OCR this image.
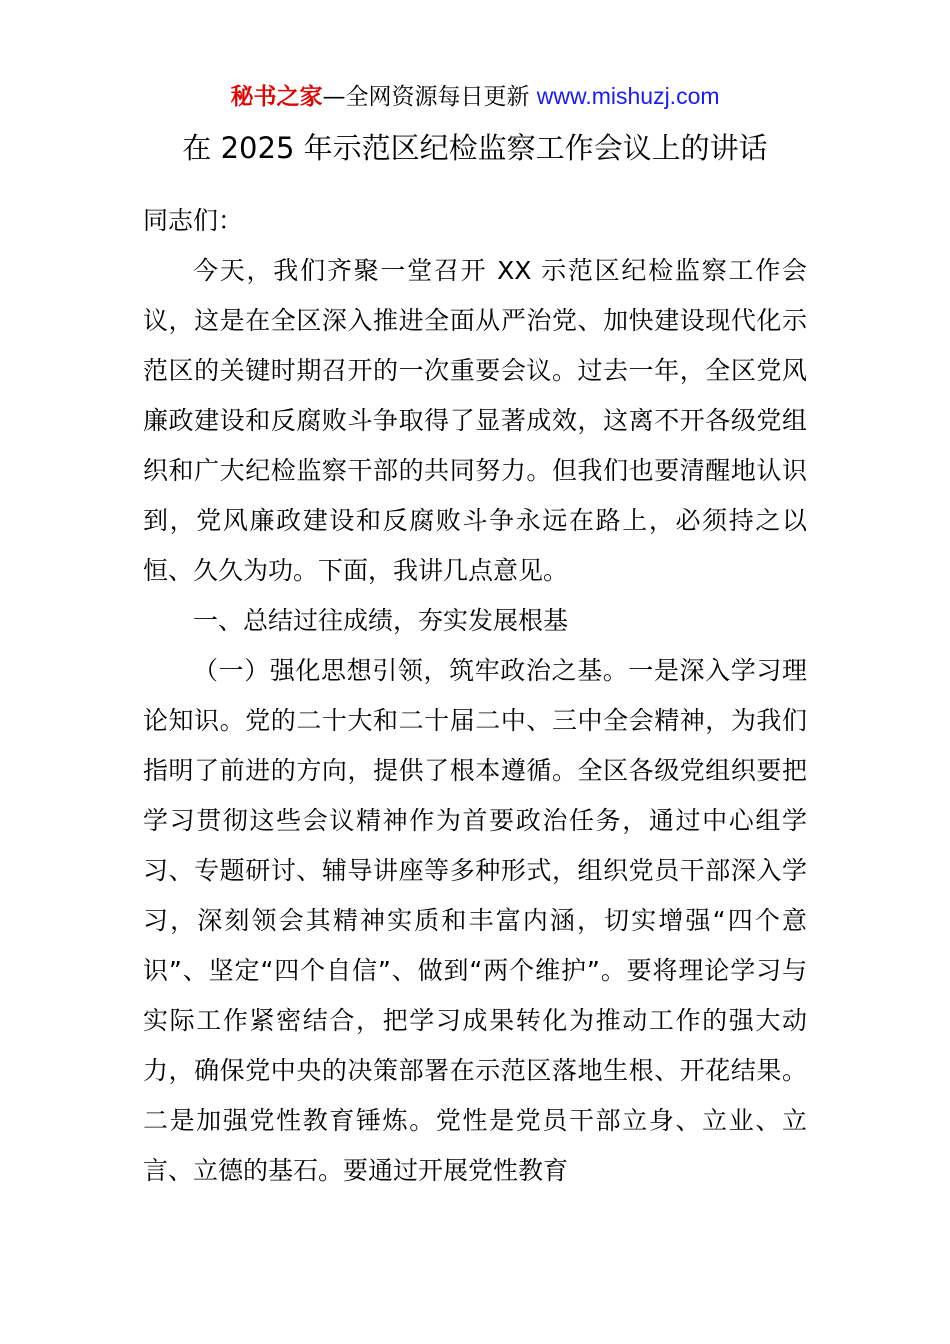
秘书之家—全网资源每日更新 www.mishuzj.com
在 2025 年示范区纪检监察工作会议上的讲话

同志们：

今天，我们齐聚一堂召开 XX 示范区纪检监察工作会议，这是在全区深入推进全面从严治党、加快建设现代化示范区的关键时期召开的一次重要会议。过去一年，全区党风廉政建设和反腐败斗争取得了显著成效，这离不开各级党组织和广大纪检监察干部的共同努力。但我们也要清醒地认识到，党风廉政建设和反腐败斗争永远在路上，必须持之以恒、久久为功。下面，我讲几点意见。

一、总结过往成绩，夯实发展根基

（一）强化思想引领，筑牢政治之基。一是深入学习理论知识。党的二十大和二十届二中、三中全会精神，为我们指明了前进的方向，提供了根本遵循。全区各级党组织要把学习贯彻这些会议精神作为首要政治任务，通过中心组学习、专题研讨、辅导讲座等多种形式，组织党员干部深入学习，深刻领会其精神实质和丰富内涵，切实增强“四个意识”、坚定“四个自信”、做到“两个维护”。要将理论学习与实际工作紧密结合，把学习成果转化为推动工作的强大动力，确保党中央的决策部署在示范区落地生根、开花结果。二是加强党性教育锤炼。党性是党员干部立身、立业、立言、立德的基石。要通过开展党性教育
